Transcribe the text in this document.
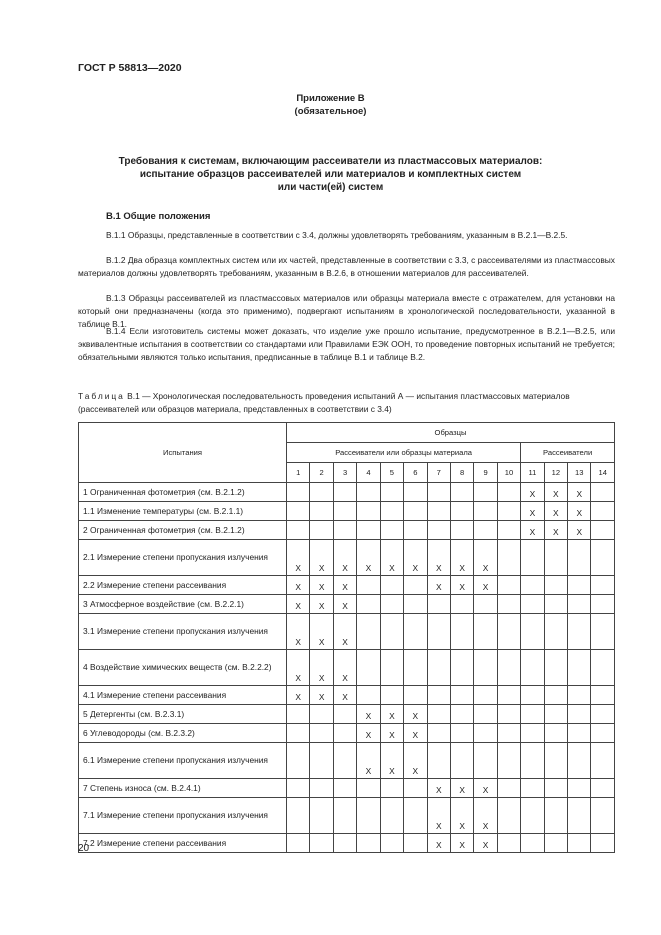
ГОСТ Р 58813—2020
Приложение В
(обязательное)
Требования к системам, включающим рассеиватели из пластмассовых материалов:
испытание образцов рассеивателей или материалов и комплектных систем
или части(ей) систем
В.1 Общие положения
В.1.1 Образцы, представленные в соответствии с 3.4, должны удовлетворять требованиям, указанным в В.2.1—В.2.5.
В.1.2 Два образца комплектных систем или их частей, представленные в соответствии с 3.3, с рассеивателями из пластмассовых материалов должны удовлетворять требованиям, указанным в В.2.6, в отношении материалов для рассеивателей.
В.1.3 Образцы рассеивателей из пластмассовых материалов или образцы материала вместе с отражателем, для установки на который они предназначены (когда это применимо), подвергают испытаниям в хронологической последовательности, указанной в таблице В.1.
В.1.4 Если изготовитель системы может доказать, что изделие уже прошло испытание, предусмотренное в В.2.1—В.2.5, или эквивалентные испытания в соответствии со стандартами или Правилами ЕЭК ООН, то проведение повторных испытаний не требуется; обязательными являются только испытания, предписанные в таблице В.1 и таблице В.2.
Таблица В.1 — Хронологическая последовательность проведения испытаний А — испытания пластмассовых материалов (рассеивателей или образцов материала, представленных в соответствии с 3.4)
Испытания	Образцы													
	Рассеиватели или образцы материала										Рассеиватели			
	1	2	3	4	5	6	7	8	9	10	11	12	13	14
1 Ограниченная фотометрия (см. В.2.1.2)											X	X	X	
1.1 Изменение температуры (см. В.2.1.1)											X	X	X	
2 Ограниченная фотометрия (см. В.2.1.2)											X	X	X	
2.1 Измерение степени пропускания излучения	X	X	X	X	X	X	X	X	X					
2.2 Измерение степени рассеивания	X	X	X				X	X	X					
3 Атмосферное воздействие (см. В.2.2.1)	X	X	X											
3.1 Измерение степени пропускания излучения	X	X	X											
4 Воздействие химических веществ (см. В.2.2.2)	X	X	X											
4.1 Измерение степени рассеивания	X	X	X											
5 Детергенты (см. В.2.3.1)				X	X	X								
6 Углеводороды (см. В.2.3.2)				X	X	X								
6.1 Измерение степени пропускания излучения				X	X	X								
7 Степень износа (см. В.2.4.1)							X	X	X					
7.1 Измерение степени пропускания излучения							X	X	X					
7.2 Измерение степени рассеивания							X	X	X					
20
